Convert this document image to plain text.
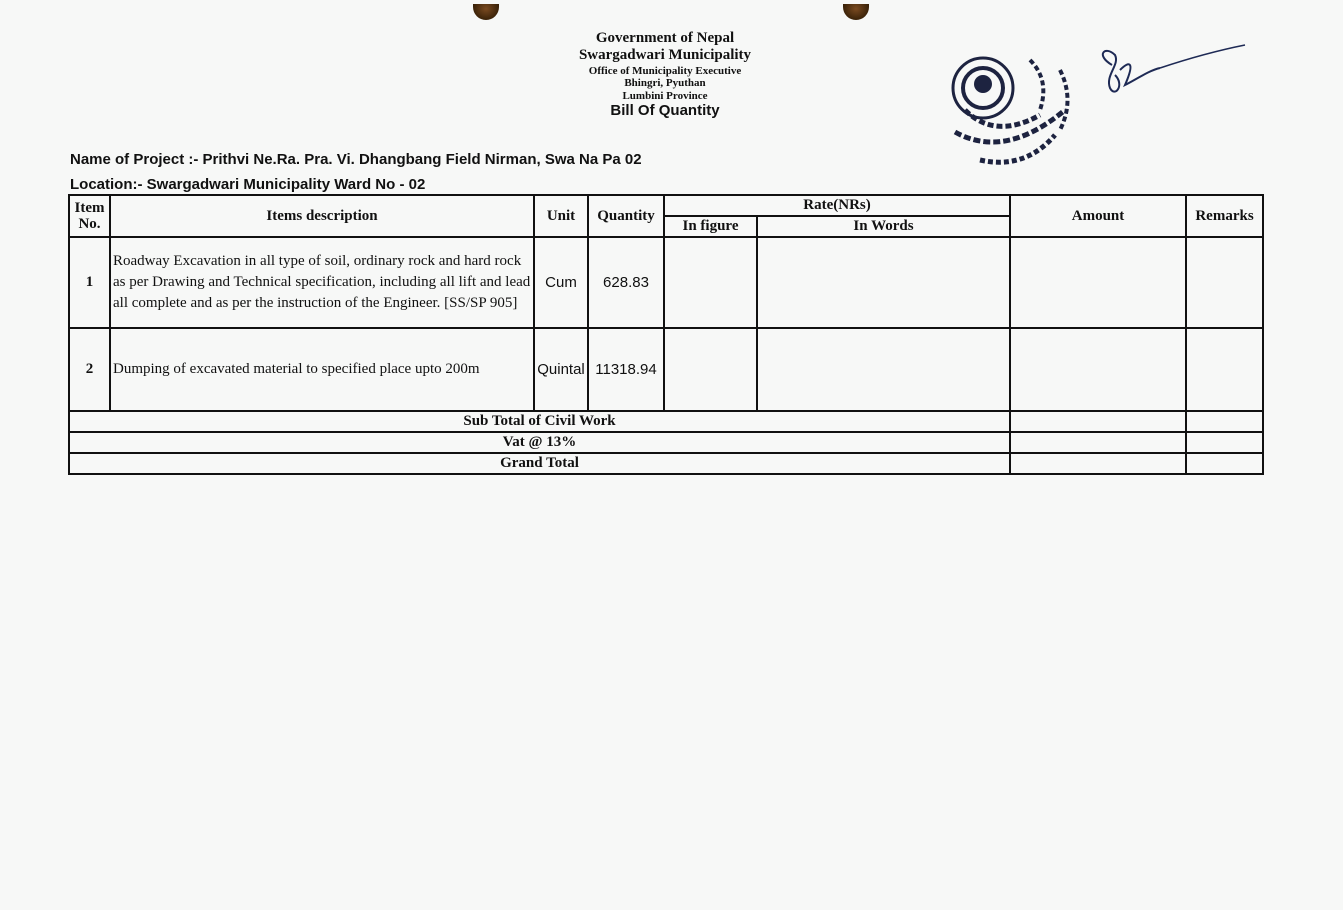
Government of Nepal
Swargadwari Municipality
Office of Municipality Executive
Bhingri, Pyuthan
Lumbini Province
Bill Of Quantity
Name of Project :- Prithvi Ne.Ra. Pra. Vi. Dhangbang Field Nirman, Swa Na Pa 02
Location:- Swargadwari Municipality Ward No - 02
Item No.	Items description	Unit	Quantity	Rate(NRs)		Amount	Remarks
				In figure	In Words		
1	Roadway Excavation in all type of soil, ordinary rock and hard rock as per Drawing and Technical specification, including all lift and lead all complete and as per the instruction of the Engineer. [SS/SP 905]	Cum	628.83				
2	Dumping of excavated material to specified place upto 200m	Quintal	11318.94				
Sub Total of Civil Work							
Vat @ 13%							
Grand Total							
